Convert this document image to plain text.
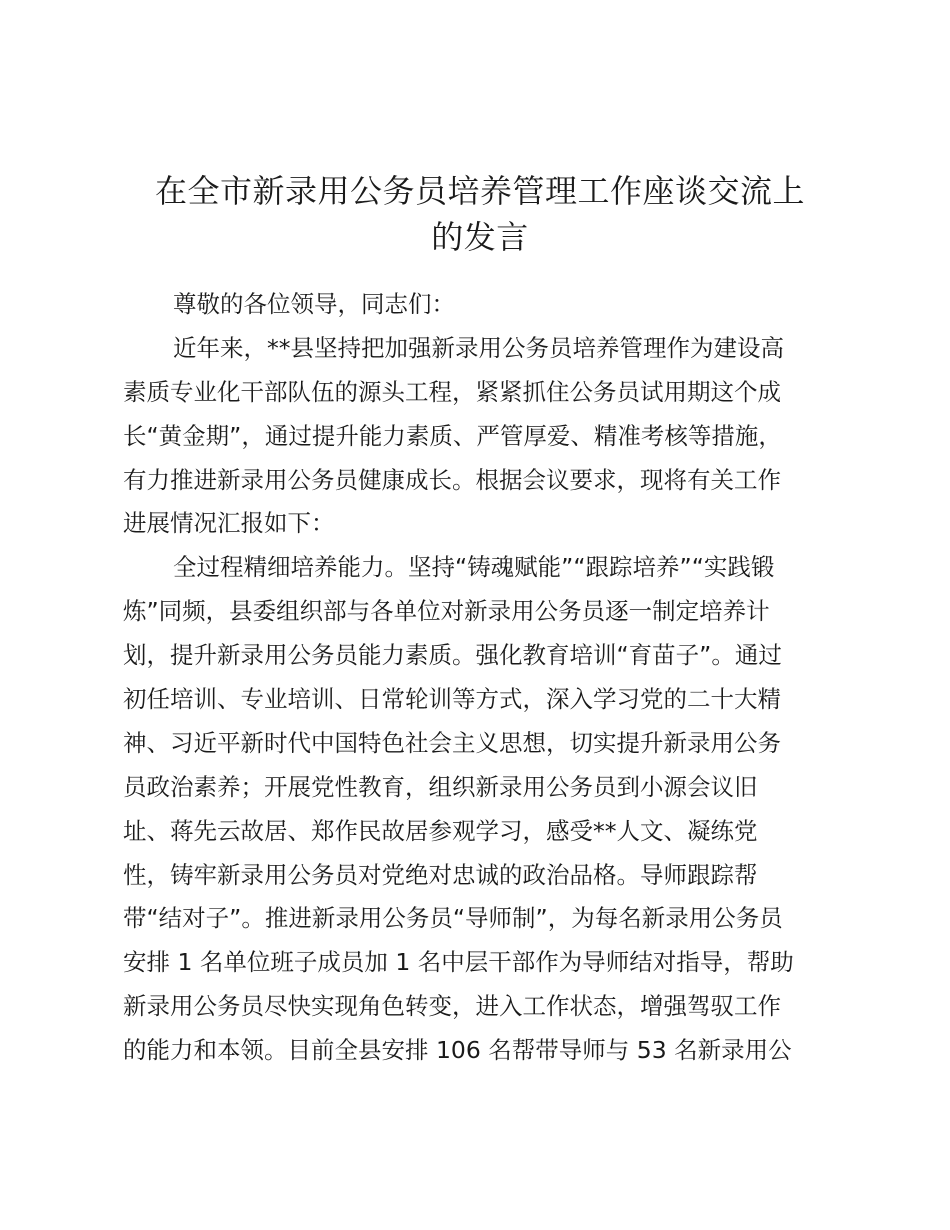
在全市新录用公务员培养管理工作座谈交流上
的发言
尊敬的各位领导，同志们：
近年来，**县坚持把加强新录用公务员培养管理作为建设高
素质专业化干部队伍的源头工程，紧紧抓住公务员试用期这个成
长“黄金期”，通过提升能力素质、严管厚爱、精准考核等措施，
有力推进新录用公务员健康成长。根据会议要求，现将有关工作
进展情况汇报如下：
全过程精细培养能力。坚持“铸魂赋能”“跟踪培养”“实践锻
炼”同频，县委组织部与各单位对新录用公务员逐一制定培养计
划，提升新录用公务员能力素质。强化教育培训“育苗子”。通过
初任培训、专业培训、日常轮训等方式，深入学习党的二十大精
神、习近平新时代中国特色社会主义思想，切实提升新录用公务
员政治素养；开展党性教育，组织新录用公务员到小源会议旧
址、蒋先云故居、郑作民故居参观学习，感受**人文、凝练党
性，铸牢新录用公务员对党绝对忠诚的政治品格。导师跟踪帮
带“结对子”。推进新录用公务员“导师制”，为每名新录用公务员
安排 1 名单位班子成员加 1 名中层干部作为导师结对指导，帮助
新录用公务员尽快实现角色转变，进入工作状态，增强驾驭工作
的能力和本领。目前全县安排 106 名帮带导师与 53 名新录用公
